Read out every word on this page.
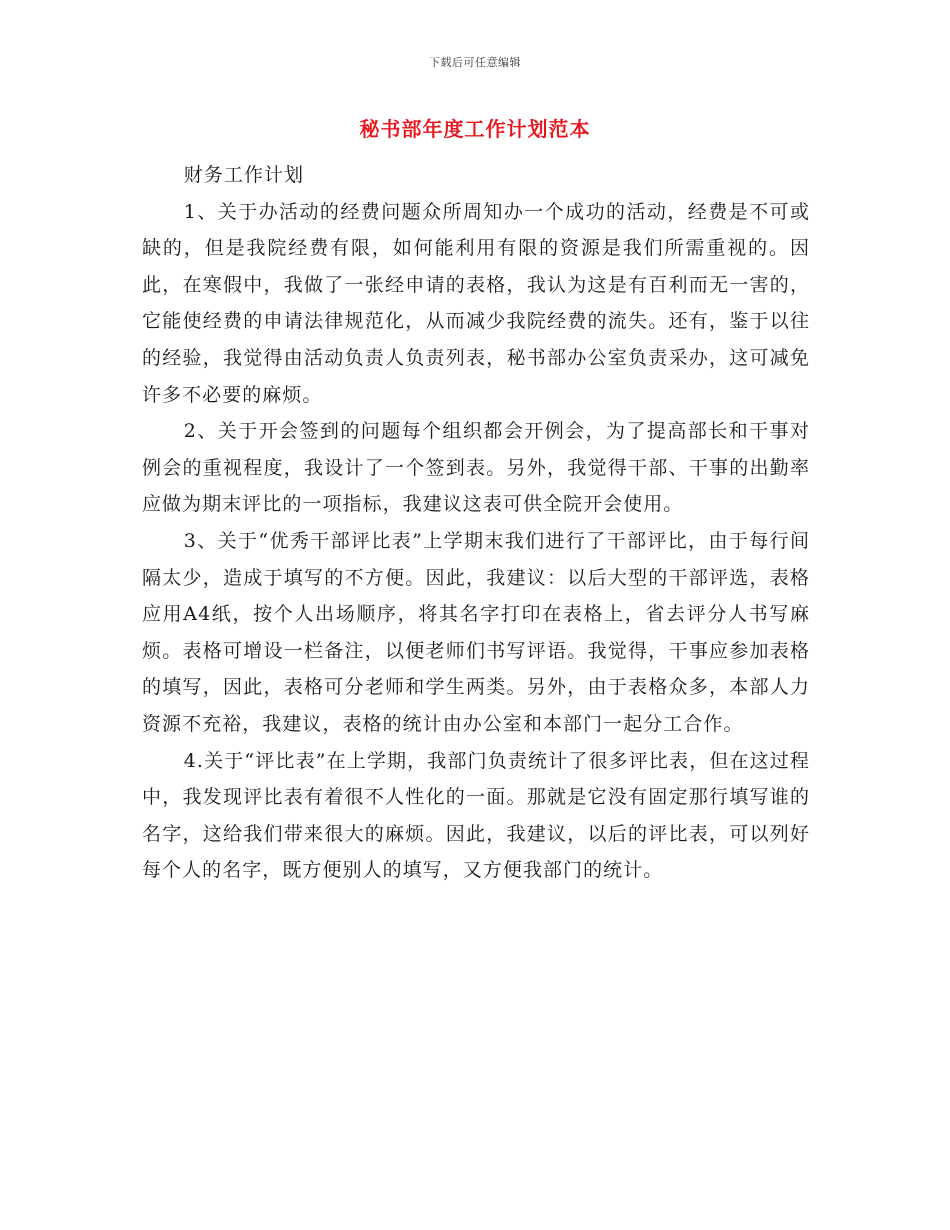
下载后可任意编辑
秘书部年度工作计划范本

财务工作计划

1、关于办活动的经费问题众所周知办一个成功的活动，经费是不可或缺的，但是我院经费有限，如何能利用有限的资源是我们所需重视的。因此，在寒假中，我做了一张经申请的表格，我认为这是有百利而无一害的，它能使经费的申请法律规范化，从而减少我院经费的流失。还有，鉴于以往的经验，我觉得由活动负责人负责列表，秘书部办公室负责采办，这可减免许多不必要的麻烦。

2、关于开会签到的问题每个组织都会开例会，为了提高部长和干事对例会的重视程度，我设计了一个签到表。另外，我觉得干部、干事的出勤率应做为期末评比的一项指标，我建议这表可供全院开会使用。

3、关于“优秀干部评比表”上学期末我们进行了干部评比，由于每行间隔太少，造成于填写的不方便。因此，我建议：以后大型的干部评选，表格应用A4纸，按个人出场顺序，将其名字打印在表格上，省去评分人书写麻烦。表格可增设一栏备注，以便老师们书写评语。我觉得，干事应参加表格的填写，因此，表格可分老师和学生两类。另外，由于表格众多，本部人力资源不充裕，我建议，表格的统计由办公室和本部门一起分工合作。

4.关于“评比表”在上学期，我部门负责统计了很多评比表，但在这过程中，我发现评比表有着很不人性化的一面。那就是它没有固定那行填写谁的名字，这给我们带来很大的麻烦。因此，我建议，以后的评比表，可以列好每个人的名字，既方便别人的填写，又方便我部门的统计。
